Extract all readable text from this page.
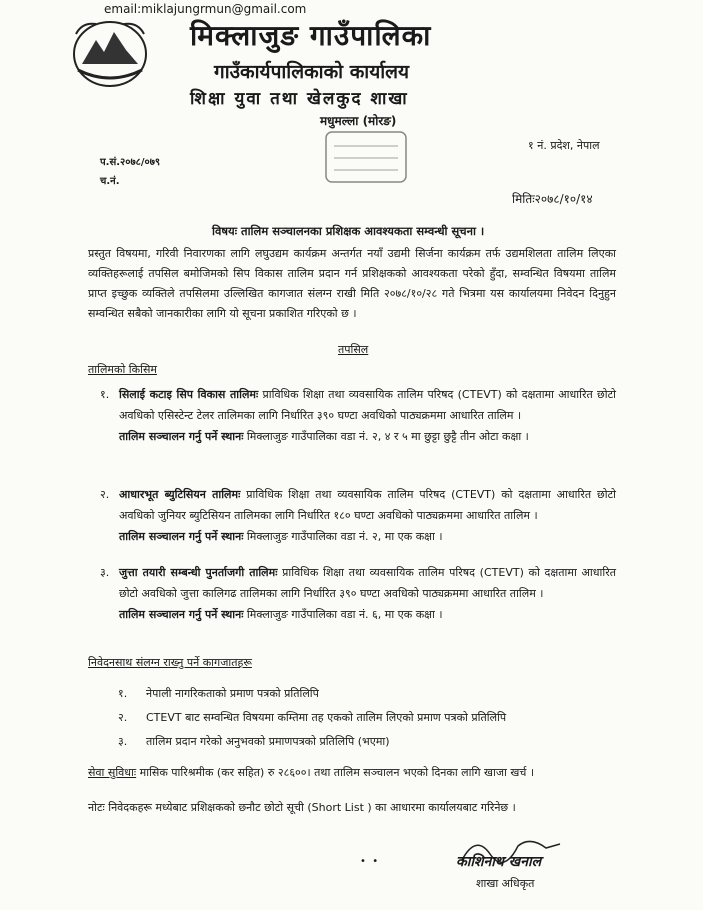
email:miklajungrmun@gmail.com
मिक्लाजुङ गाउँपालिका
गाउँकार्यपालिकाको कार्यालय
शिक्षा युवा तथा खेलकुद शाखा
मधुमल्ला (मोरङ)
१ नं. प्रदेश, नेपाल
प.सं.२०७८/०७९
च.नं.
मितिः२०७८/१०/१४
विषयः तालिम सञ्चालनका प्रशिक्षक आवश्यकता सम्वन्धी सूचना ।
प्रस्तुत विषयमा, गरिवी निवारणका लागि लघुउद्यम कार्यक्रम अन्तर्गत नयाँ उद्यमी सिर्जना कार्यक्रम तर्फ उद्यमशिलता तालिम लिएका व्यक्तिहरूलाई तपसिल बमोजिमको सिप विकास तालिम प्रदान गर्न प्रशिक्षकको आवश्यकता परेको हुँदा, सम्वन्धित विषयमा तालिम प्राप्त इच्छुक व्यक्तिले तपसिलमा उल्लिखित कागजात संलग्न राखी मिति २०७८/१०/२८ गते भित्रमा यस कार्यालयमा निवेदन दिनुहुन सम्वन्धित सबैको जानकारीका लागि यो सूचना प्रकाशित गरिएको छ ।
तपसिल
तालिमको किसिम
१. सिलाई कटाइ सिप विकास तालिमः प्राविधिक शिक्षा तथा व्यवसायिक तालिम परिषद (CTEVT) को दक्षतामा आधारित छोटो अवधिको एसिस्टेन्ट टेलर तालिमका लागि निर्धारित ३९० घण्टा अवधिको पाठ्यक्रममा आधारित तालिम ।
तालिम सञ्चालन गर्नु पर्ने स्थानः मिक्लाजुङ गाउँपालिका वडा नं. २, ४ र ५ मा छुट्टा छुट्टै तीन ओटा कक्षा ।
२. आधारभूत ब्युटिसियन तालिमः प्राविधिक शिक्षा तथा व्यवसायिक तालिम परिषद (CTEVT) को दक्षतामा आधारित छोटो अवधिको जुनियर ब्युटिसियन तालिमका लागि निर्धारित १८० घण्टा अवधिको पाठ्यक्रममा आधारित तालिम ।
तालिम सञ्चालन गर्नु पर्ने स्थानः मिक्लाजुङ गाउँपालिका वडा नं. २, मा एक कक्षा ।
३. जुत्ता तयारी सम्बन्धी पुनर्ताजगी तालिमः प्राविधिक शिक्षा तथा व्यवसायिक तालिम परिषद (CTEVT) को दक्षतामा आधारित छोटो अवधिको जुत्ता कालिगढ तालिमका लागि निर्धारित ३९० घण्टा अवधिको पाठ्यक्रममा आधारित तालिम ।
तालिम सञ्चालन गर्नु पर्ने स्थानः मिक्लाजुङ गाउँपालिका वडा नं. ६, मा एक कक्षा ।
निवेदनसाथ संलग्न राख्नु पर्ने कागजातहरू
१. नेपाली नागरिकताको प्रमाण पत्रको प्रतिलिपि
२. CTEVT बाट सम्वन्धित विषयमा कम्तिमा तह एकको तालिम लिएको प्रमाण पत्रको प्रतिलिपि
३. तालिम प्रदान गरेको अनुभवको प्रमाणपत्रको प्रतिलिपि (भएमा)
सेवा सुविधाः मासिक पारिश्रमीक (कर सहित) रु २८६००। तथा तालिम सञ्चालन भएको दिनका लागि खाजा खर्च ।
नोटः निवेदकहरू मध्येबाट प्रशिक्षकको छनौट छोटो सूची (Short List ) का आधारमा कार्यालयबाट गरिनेछ ।
•  •	काशिनाथ खनाल
शाखा अधिकृत
